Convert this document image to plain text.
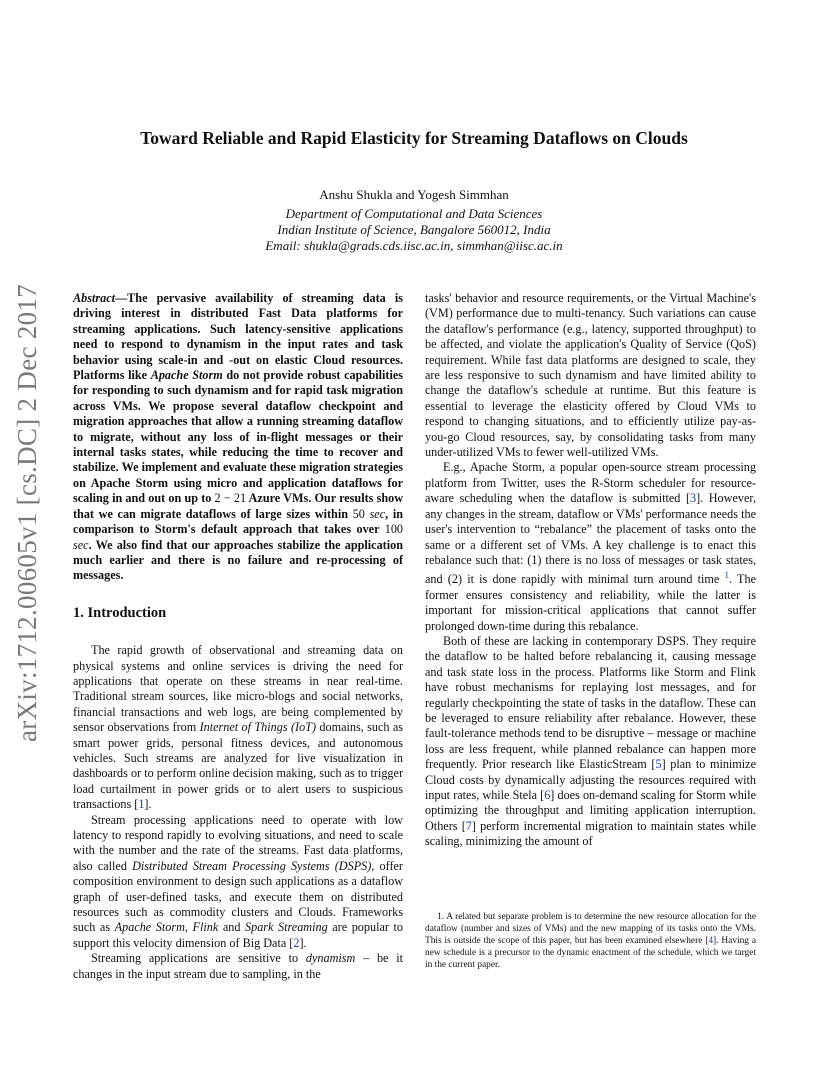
Toward Reliable and Rapid Elasticity for Streaming Dataflows on Clouds
Anshu Shukla and Yogesh Simmhan
Department of Computational and Data Sciences
Indian Institute of Science, Bangalore 560012, India
Email: shukla@grads.cds.iisc.ac.in, simmhan@iisc.ac.in
arXiv:1712.00605v1 [cs.DC] 2 Dec 2017	Abstract—The pervasive availability of streaming data is driving interest in distributed Fast Data platforms for streaming applications. Such latency-sensitive applications need to respond to dynamism in the input rates and task behavior using scale-in and -out on elastic Cloud resources. Platforms like Apache Storm do not provide robust capabilities for responding to such dynamism and for rapid task migration across VMs. We propose several dataflow checkpoint and migration approaches that allow a running streaming dataflow to migrate, without any loss of in-flight messages or their internal tasks states, while reducing the time to recover and stabilize. We implement and evaluate these migration strategies on Apache Storm using micro and application dataflows for scaling in and out on up to 2 − 21 Azure VMs. Our results show that we can migrate dataflows of large sizes within 50 sec, in comparison to Storm's default approach that takes over 100 sec. We also find that our approaches stabilize the application much earlier and there is no failure and re-processing of messages.

1. Introduction

The rapid growth of observational and streaming data on physical systems and online services is driving the need for applications that operate on these streams in near real-time. Traditional stream sources, like micro-blogs and social networks, financial transactions and web logs, are being complemented by sensor observations from Internet of Things (IoT) domains, such as smart power grids, personal fitness devices, and autonomous vehicles. Such streams are analyzed for live visualization in dashboards or to perform online decision making, such as to trigger load curtailment in power grids or to alert users to suspicious transactions [1].

Stream processing applications need to operate with low latency to respond rapidly to evolving situations, and need to scale with the number and the rate of the streams. Fast data platforms, also called Distributed Stream Processing Systems (DSPS), offer composition environment to design such applications as a dataflow graph of user-defined tasks, and execute them on distributed resources such as commodity clusters and Clouds. Frameworks such as Apache Storm, Flink and Spark Streaming are popular to support this velocity dimension of Big Data [2].

Streaming applications are sensitive to dynamism – be it changes in the input stream due to sampling, in the

tasks' behavior and resource requirements, or the Virtual Machine's (VM) performance due to multi-tenancy. Such variations can cause the dataflow's performance (e.g., latency, supported throughput) to be affected, and violate the application's Quality of Service (QoS) requirement. While fast data platforms are designed to scale, they are less responsive to such dynamism and have limited ability to change the dataflow's schedule at runtime. But this feature is essential to leverage the elasticity offered by Cloud VMs to respond to changing situations, and to efficiently utilize pay-as-you-go Cloud resources, say, by consolidating tasks from many under-utilized VMs to fewer well-utilized VMs.

E.g., Apache Storm, a popular open-source stream processing platform from Twitter, uses the R-Storm scheduler for resource-aware scheduling when the dataflow is submitted [3]. However, any changes in the stream, dataflow or VMs' performance needs the user's intervention to “rebalance” the placement of tasks onto the same or a different set of VMs. A key challenge is to enact this rebalance such that: (1) there is no loss of messages or task states, and (2) it is done rapidly with minimal turn around time $^1$. The former ensures consistency and reliability, while the latter is important for mission-critical applications that cannot suffer prolonged down-time during this rebalance.

Both of these are lacking in contemporary DSPS. They require the dataflow to be halted before rebalancing it, causing message and task state loss in the process. Platforms like Storm and Flink have robust mechanisms for replaying lost messages, and for regularly checkpointing the state of tasks in the dataflow. These can be leveraged to ensure reliability after rebalance. However, these fault-tolerance methods tend to be disruptive – message or machine loss are less frequent, while planned rebalance can happen more frequently. Prior research like ElasticStream [5] plan to minimize Cloud costs by dynamically adjusting the resources required with input rates, while Stela [6] does on-demand scaling for Storm while optimizing the throughput and limiting application interruption. Others [7] perform incremental migration to maintain states while scaling, minimizing the amount of

1. A related but separate problem is to determine the new resource allocation for the dataflow (number and sizes of VMs) and the new mapping of its tasks onto the VMs. This is outside the scope of this paper, but has been examined elsewhere [4]. Having a new schedule is a precursor to the dynamic enactment of the schedule, which we target in the current paper.
